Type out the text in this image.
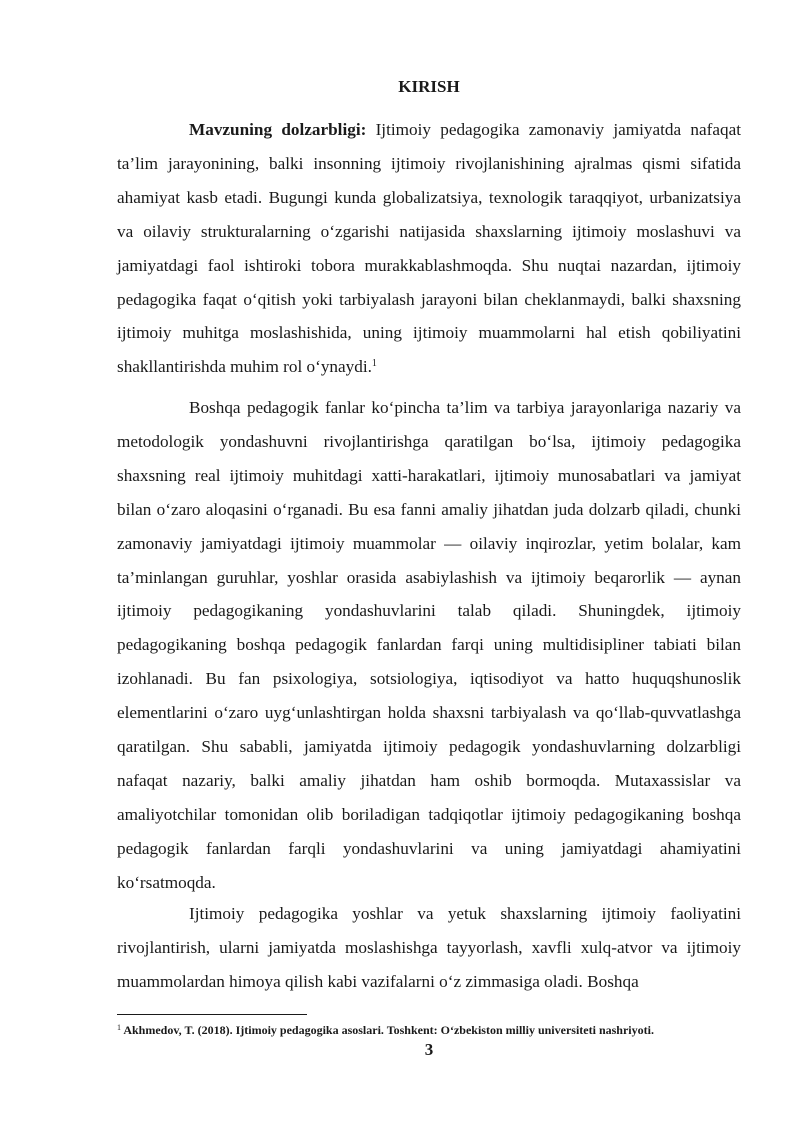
KIRISH

Mavzuning dolzarbligi: Ijtimoiy pedagogika zamonaviy jamiyatda nafaqat ta’lim jarayonining, balki insonning ijtimoiy rivojlanishining ajralmas qismi sifatida ahamiyat kasb etadi. Bugungi kunda globalizatsiya, texnologik taraqqiyot, urbanizatsiya va oilaviy strukturalarning o‘zgarishi natijasida shaxslarning ijtimoiy moslashuvi va jamiyatdagi faol ishtiroki tobora murakkablashmoqda. Shu nuqtai nazardan, ijtimoiy pedagogika faqat o‘qitish yoki tarbiyalash jarayoni bilan cheklanmaydi, balki shaxsning ijtimoiy muhitga moslashishida, uning ijtimoiy muammolarni hal etish qobiliyatini shakllantirishda muhim rol o‘ynaydi.$^1$

Boshqa pedagogik fanlar ko‘pincha ta’lim va tarbiya jarayonlariga nazariy va metodologik yondashuvni rivojlantirishga qaratilgan bo‘lsa, ijtimoiy pedagogika shaxsning real ijtimoiy muhitdagi xatti-harakatlari, ijtimoiy munosabatlari va jamiyat bilan o‘zaro aloqasini o‘rganadi. Bu esa fanni amaliy jihatdan juda dolzarb qiladi, chunki zamonaviy jamiyatdagi ijtimoiy muammolar — oilaviy inqirozlar, yetim bolalar, kam ta’minlangan guruhlar, yoshlar orasida asabiylashish va ijtimoiy beqarorlik — aynan ijtimoiy pedagogikaning yondashuvlarini talab qiladi. Shuningdek, ijtimoiy pedagogikaning boshqa pedagogik fanlardan farqi uning multidisipliner tabiati bilan izohlanadi. Bu fan psixologiya, sotsiologiya, iqtisodiyot va hatto huquqshunoslik elementlarini o‘zaro uyg‘unlashtirgan holda shaxsni tarbiyalash va qo‘llab-quvvatlashga qaratilgan. Shu sababli, jamiyatda ijtimoiy pedagogik yondashuvlarning dolzarbligi nafaqat nazariy, balki amaliy jihatdan ham oshib bormoqda. Mutaxassislar va amaliyotchilar tomonidan olib boriladigan tadqiqotlar ijtimoiy pedagogikaning boshqa pedagogik fanlardan farqli yondashuvlarini va uning jamiyatdagi ahamiyatini ko‘rsatmoqda.

Ijtimoiy pedagogika yoshlar va yetuk shaxslarning ijtimoiy faoliyatini rivojlantirish, ularni jamiyatda moslashishga tayyorlash, xavfli xulq-atvor va ijtimoiy muammolardan himoya qilish kabi vazifalarni o‘z zimmasiga oladi. Boshqa

$^1$ Akhmedov, T. (2018). Ijtimoiy pedagogika asoslari. Toshkent: O‘zbekiston milliy universiteti nashriyoti.

3
